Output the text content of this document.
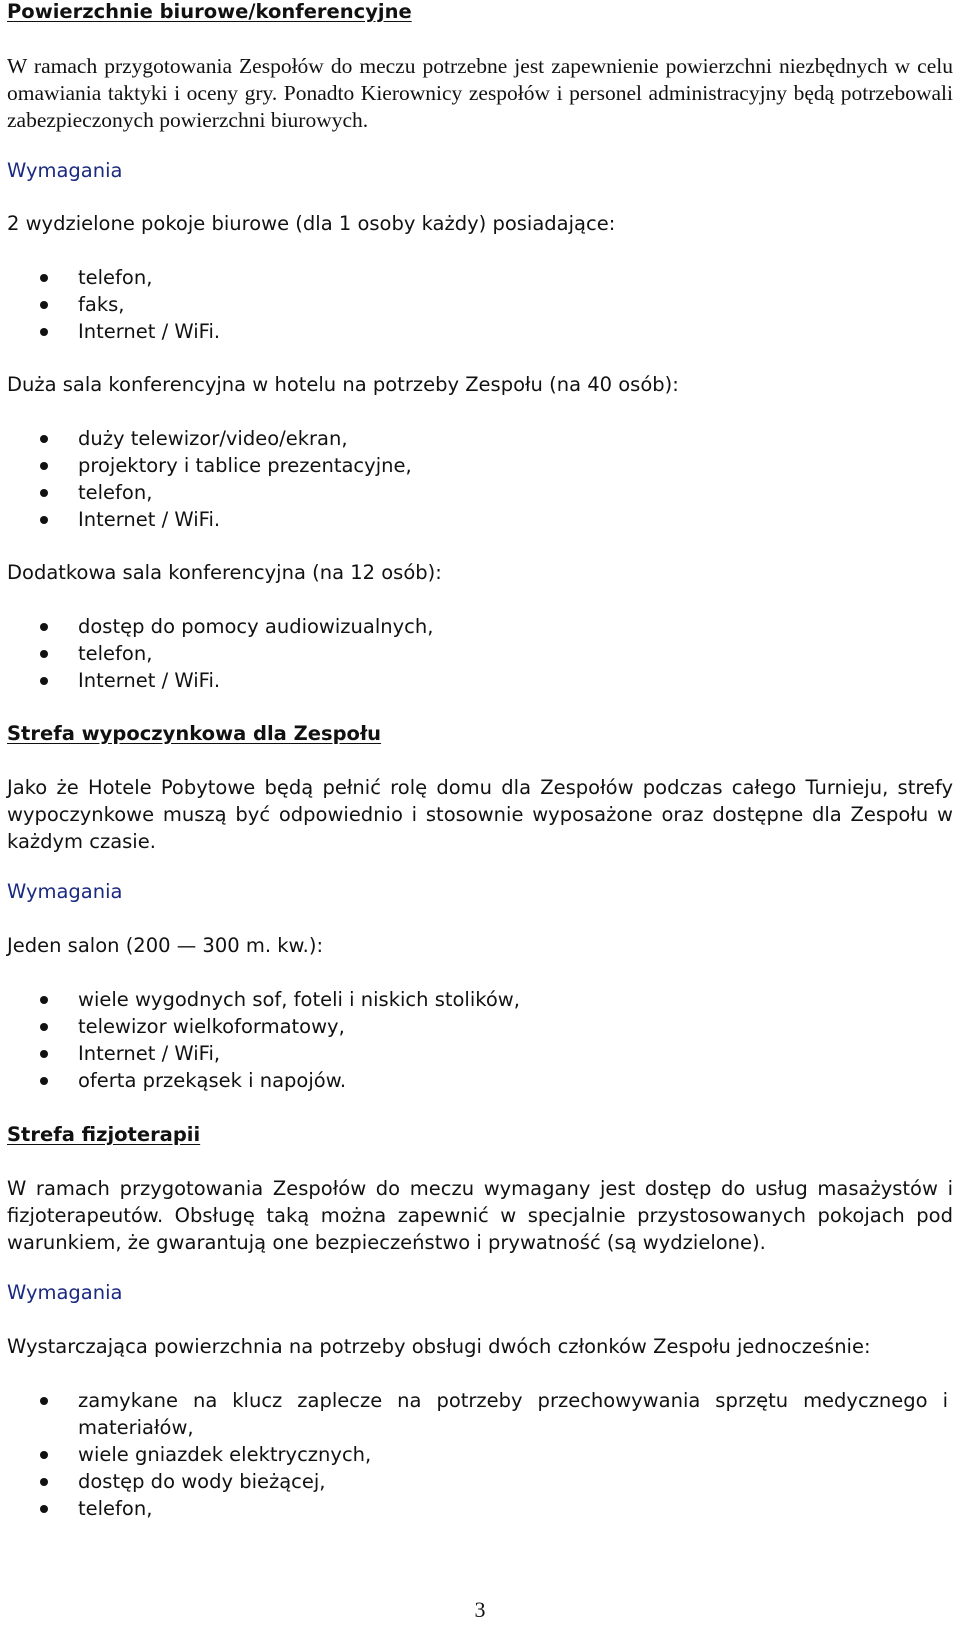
Powierzchnie biurowe/konferencyjne
W ramach przygotowania Zespołów do meczu potrzebne jest zapewnienie powierzchni niezbędnych w celu omawiania taktyki i oceny gry. Ponadto Kierownicy zespołów i personel administracyjny będą potrzebowali zabezpieczonych powierzchni biurowych.
Wymagania
2 wydzielone pokoje biurowe (dla 1 osoby każdy) posiadające:
telefon,
faks,
Internet / WiFi.
Duża sala konferencyjna w hotelu na potrzeby Zespołu (na 40 osób):
duży telewizor/video/ekran,
projektory i tablice prezentacyjne,
telefon,
Internet / WiFi.
Dodatkowa sala konferencyjna (na 12 osób):
dostęp do pomocy audiowizualnych,
telefon,
Internet / WiFi.
Strefa wypoczynkowa dla Zespołu
Jako że Hotele Pobytowe będą pełnić rolę domu dla Zespołów podczas całego Turnieju, strefy wypoczynkowe muszą być odpowiednio i stosownie wyposażone oraz dostępne dla Zespołu w każdym czasie.
Wymagania
Jeden salon (200 — 300 m. kw.):
wiele wygodnych sof, foteli i niskich stolików,
telewizor wielkoformatowy,
Internet / WiFi,
oferta przekąsek i napojów.
Strefa fizjoterapii
W ramach przygotowania Zespołów do meczu wymagany jest dostęp do usług masażystów i fizjoterapeutów. Obsługę taką można zapewnić w specjalnie przystosowanych pokojach pod warunkiem, że gwarantują one bezpieczeństwo i prywatność (są wydzielone).
Wymagania
Wystarczająca powierzchnia na potrzeby obsługi dwóch członków Zespołu jednocześnie:
zamykane na klucz zaplecze na potrzeby przechowywania sprzętu medycznego i materiałów,
wiele gniazdek elektrycznych,
dostęp do wody bieżącej,
telefon,
3
